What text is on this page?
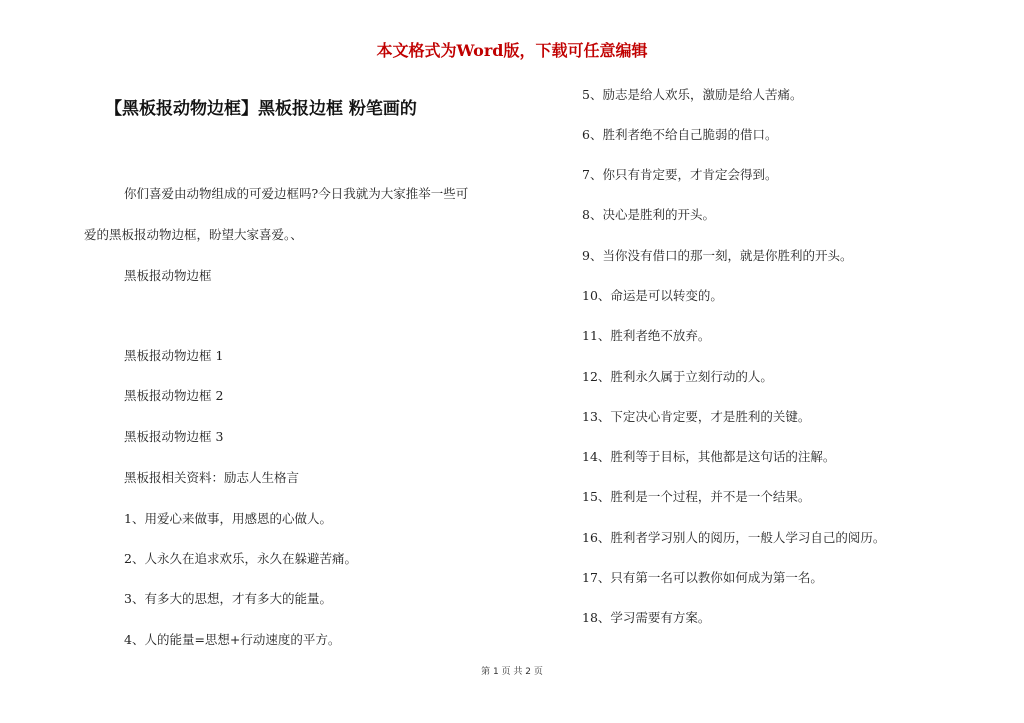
本文格式为Word版，下载可任意编辑
【黑板报动物边框】黑板报边框 粉笔画的
你们喜爱由动物组成的可爱边框吗?今日我就为大家推举一些可
爱的黑板报动物边框，盼望大家喜爱。、
黑板报动物边框
黑板报动物边框 1
黑板报动物边框 2
黑板报动物边框 3
黑板报相关资料：励志人生格言
1、用爱心来做事，用感恩的心做人。
2、人永久在追求欢乐，永久在躲避苦痛。
3、有多大的思想，才有多大的能量。
4、人的能量=思想+行动速度的平方。
5、励志是给人欢乐，激励是给人苦痛。
6、胜利者绝不给自己脆弱的借口。
7、你只有肯定要，才肯定会得到。
8、决心是胜利的开头。
9、当你没有借口的那一刻，就是你胜利的开头。
10、命运是可以转变的。
11、胜利者绝不放弃。
12、胜利永久属于立刻行动的人。
13、下定决心肯定要，才是胜利的关键。
14、胜利等于目标，其他都是这句话的注解。
15、胜利是一个过程，并不是一个结果。
16、胜利者学习别人的阅历，一般人学习自己的阅历。
17、只有第一名可以教你如何成为第一名。
18、学习需要有方案。
第 1 页 共 2 页
